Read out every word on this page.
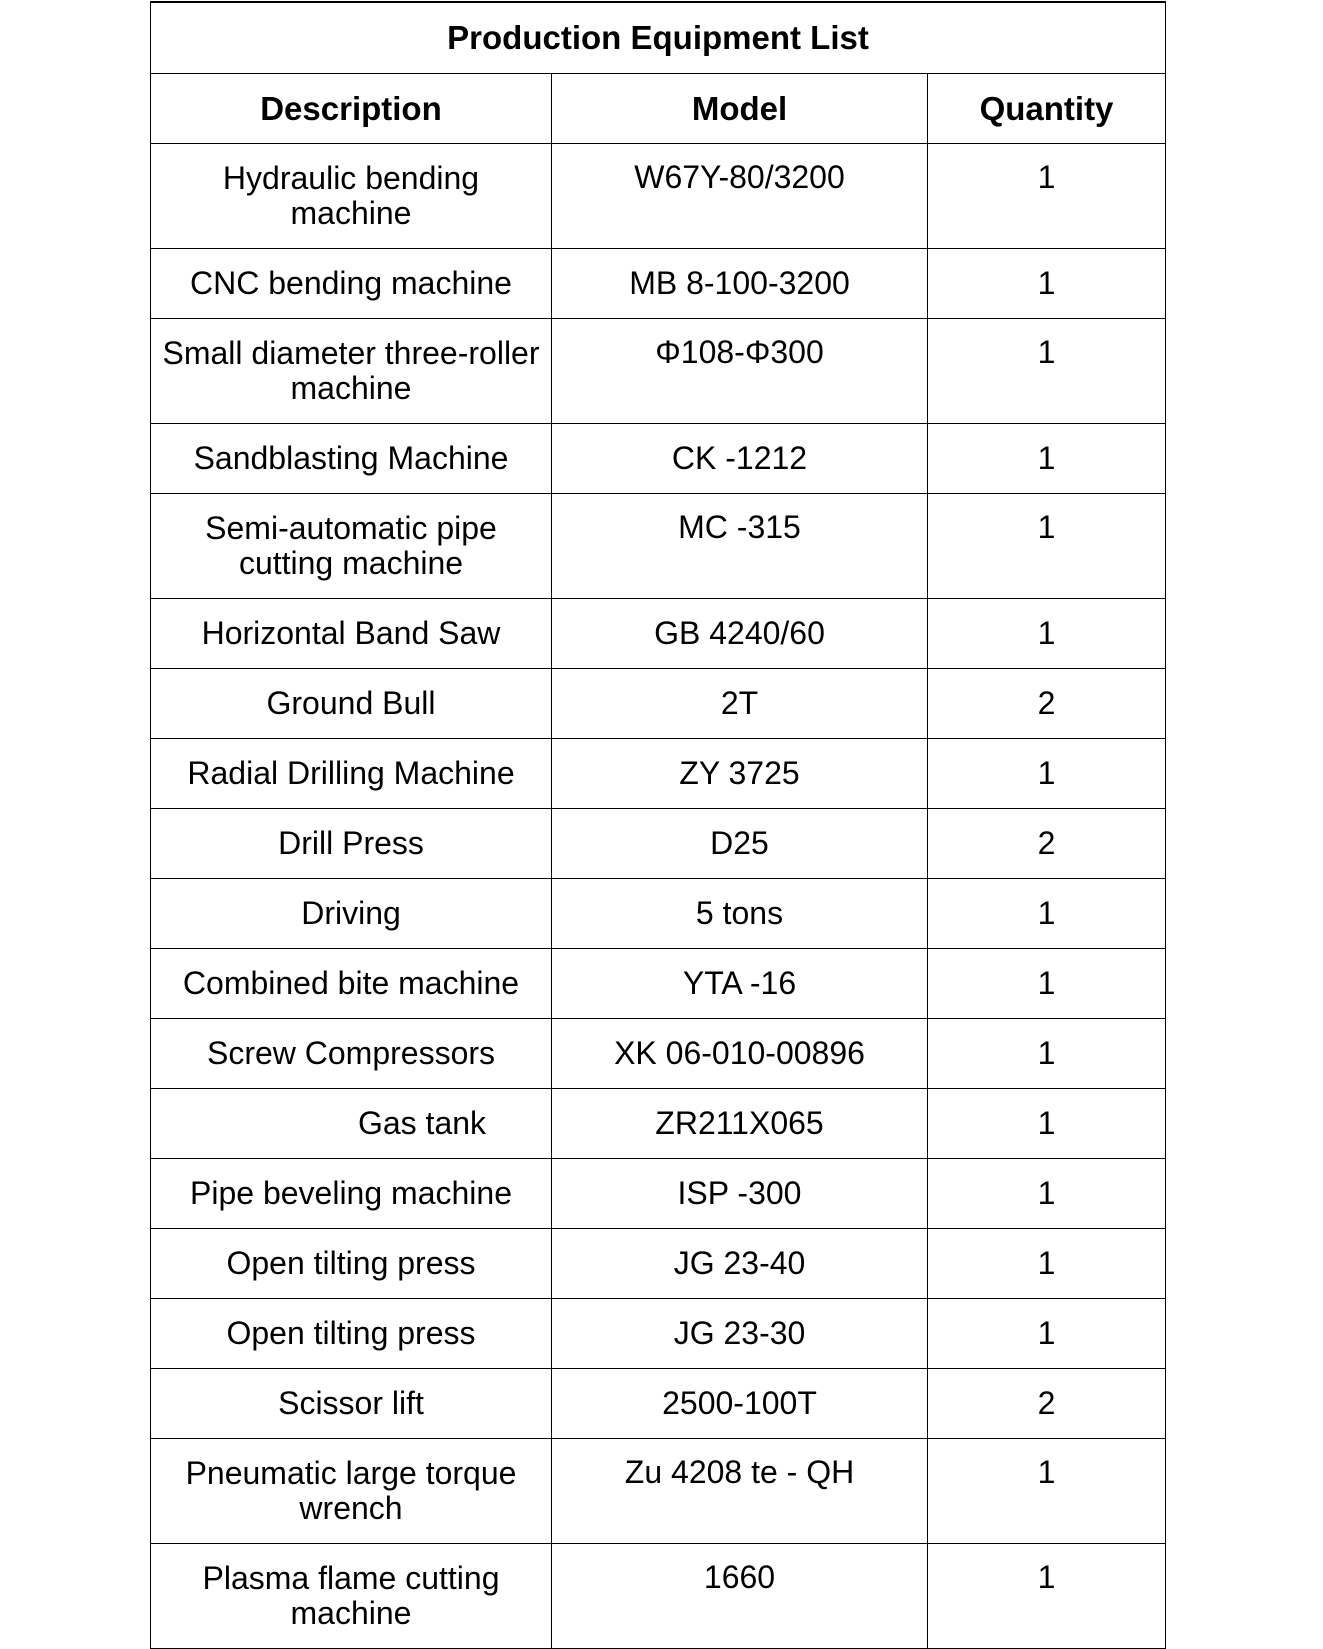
Production Equipment List		
Description	Model	Quantity
Hydraulic bending machine	W67Y-80/3200	1
CNC bending machine	MB 8-100-3200	1
Small diameter three-roller machine	Φ108-Φ300	1
Sandblasting Machine	CK -1212	1
Semi-automatic pipe cutting machine	MC -315	1
Horizontal Band Saw	GB 4240/60	1
Ground Bull	2T	2
Radial Drilling Machine	ZY 3725	1
Drill Press	D25	2
Driving	5 tons	1
Combined bite machine	YTA -16	1
Screw Compressors	XK 06-010-00896	1
Gas tank	ZR211X065	1
Pipe beveling machine	ISP -300	1
Open tilting press	JG 23-40	1
Open tilting press	JG 23-30	1
Scissor lift	2500-100T	2
Pneumatic large torque wrench	Zu 4208 te - QH	1
Plasma flame cutting machine	1660	1
